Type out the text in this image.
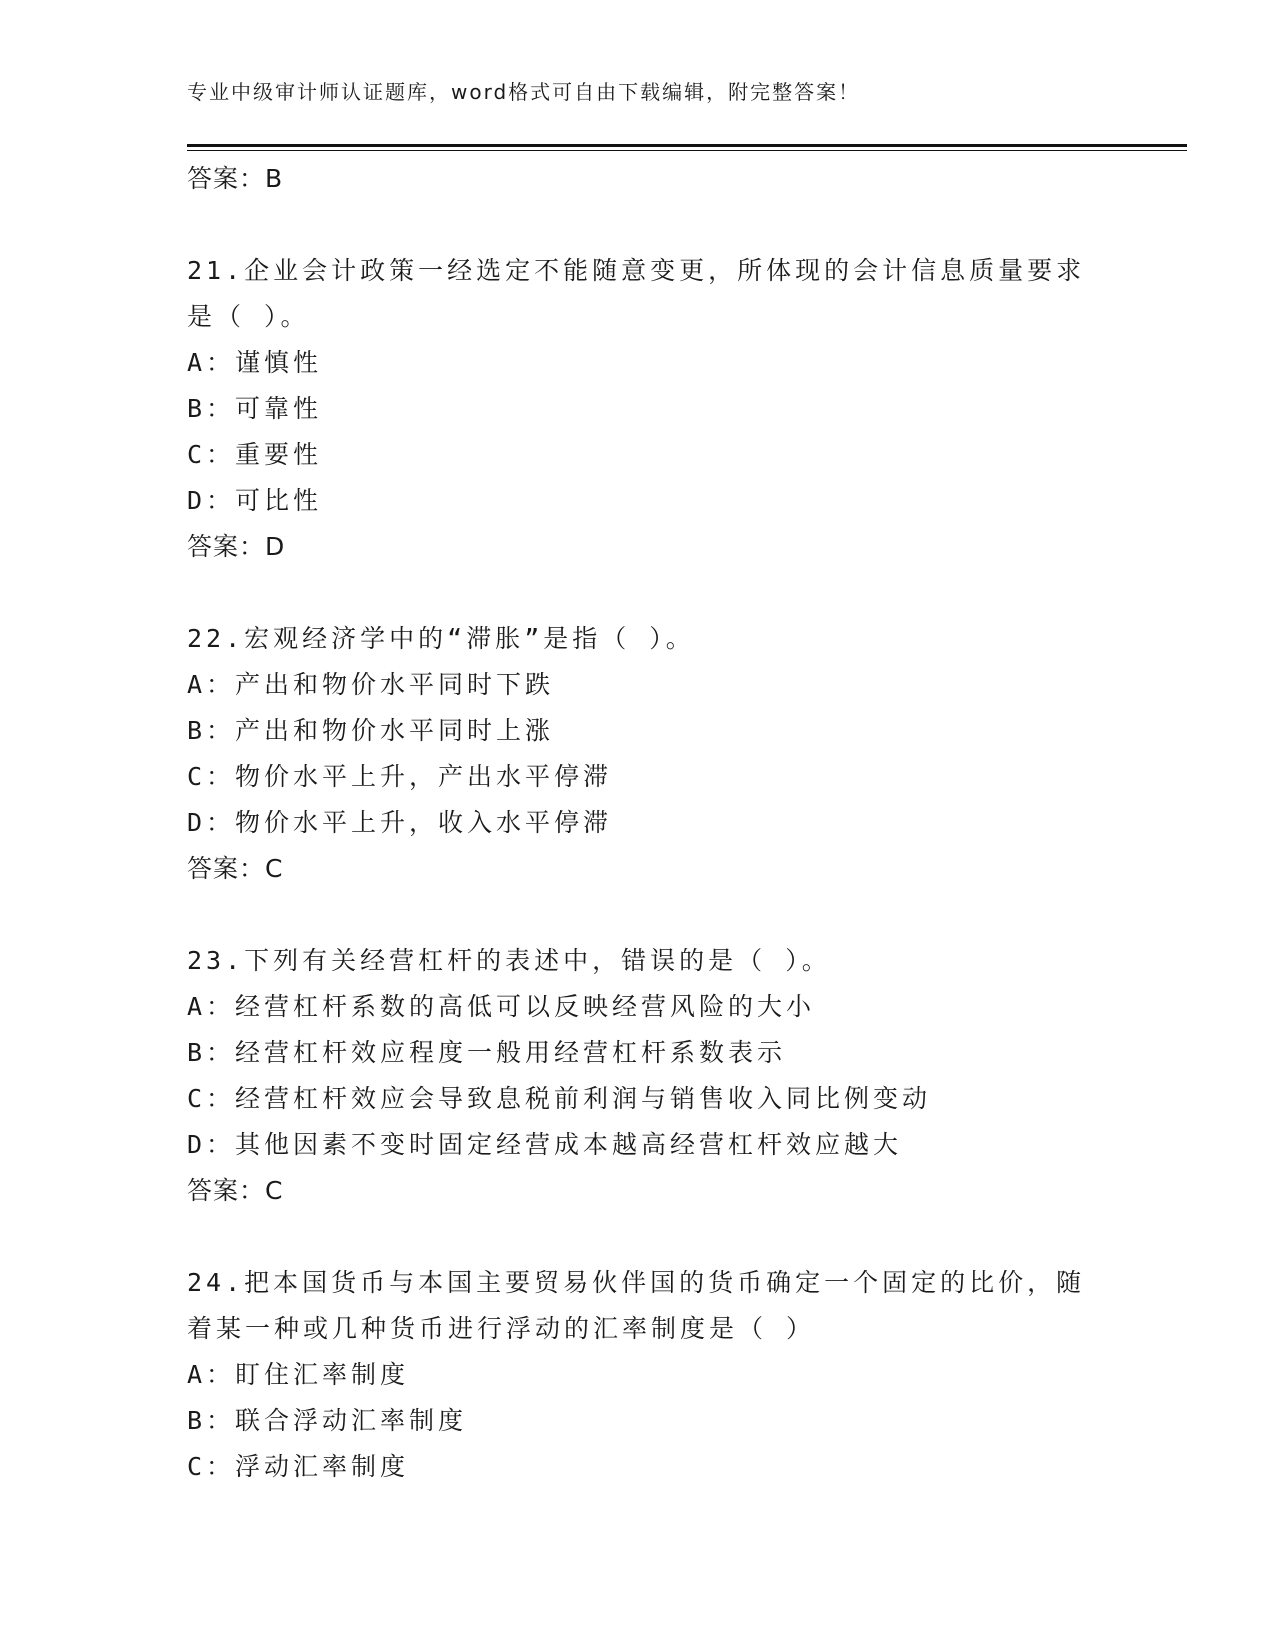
专业中级审计师认证题库，word格式可自由下载编辑，附完整答案！
答案：B
21.企业会计政策一经选定不能随意变更，所体现的会计信息质量要求
是（ ）。
A：谨慎性
B：可靠性
C：重要性
D：可比性
答案：D
22.宏观经济学中的“滞胀”是指（ ）。
A：产出和物价水平同时下跌
B：产出和物价水平同时上涨
C：物价水平上升，产出水平停滞
D：物价水平上升，收入水平停滞
答案：C
23.下列有关经营杠杆的表述中，错误的是（ ）。
A：经营杠杆系数的高低可以反映经营风险的大小
B：经营杠杆效应程度一般用经营杠杆系数表示
C：经营杠杆效应会导致息税前利润与销售收入同比例变动
D：其他因素不变时固定经营成本越高经营杠杆效应越大
答案：C
24.把本国货币与本国主要贸易伙伴国的货币确定一个固定的比价，随
着某一种或几种货币进行浮动的汇率制度是（ ）
A：盯住汇率制度
B：联合浮动汇率制度
C：浮动汇率制度
